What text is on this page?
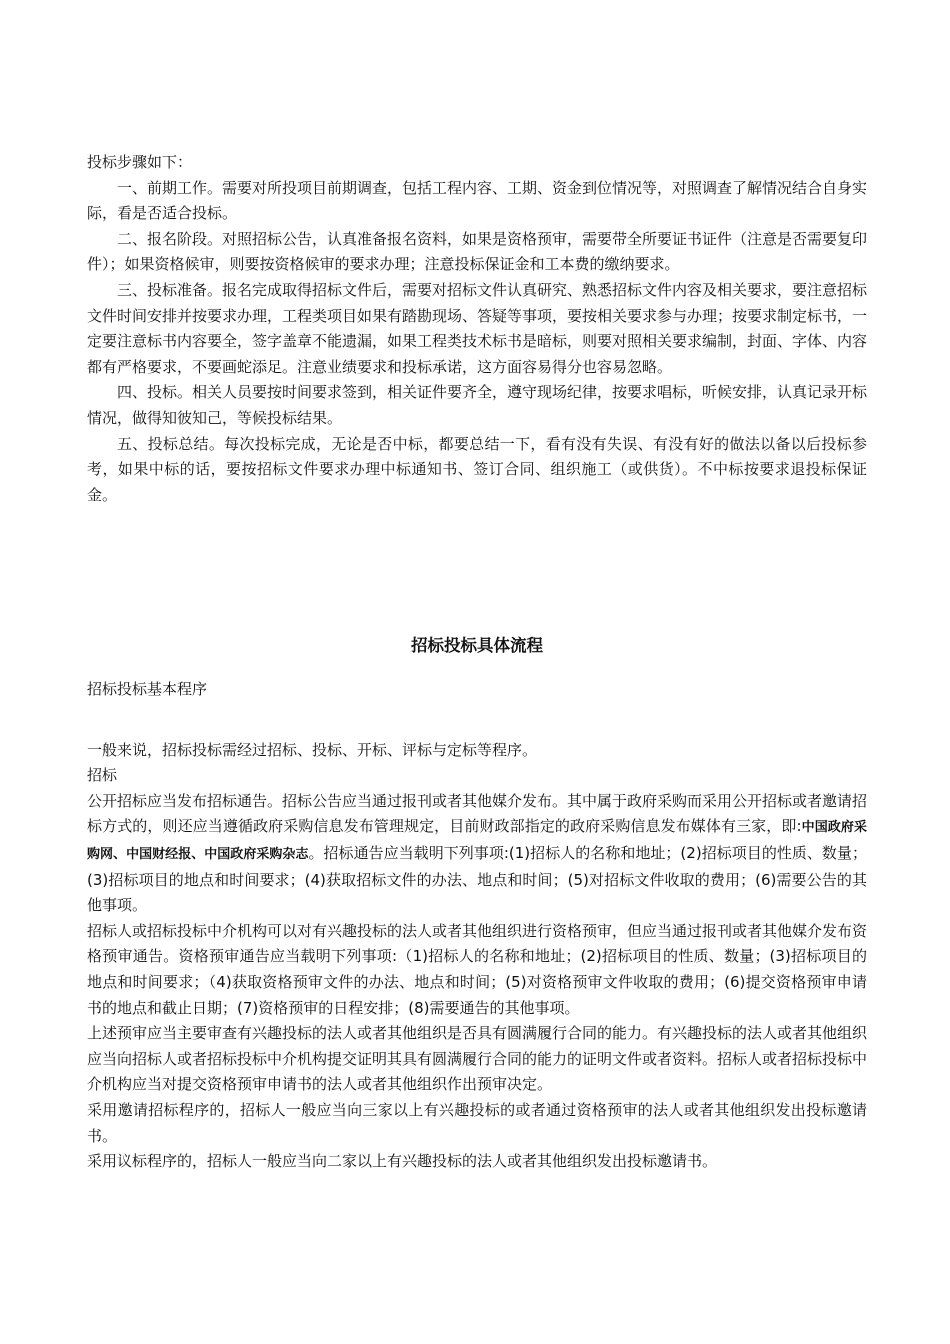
投标步骤如下：

一、前期工作。需要对所投项目前期调查，包括工程内容、工期、资金到位情况等，对照调查了解情况结合自身实际，看是否适合投标。

二、报名阶段。对照招标公告，认真准备报名资料，如果是资格预审，需要带全所要证书证件（注意是否需要复印件）；如果资格候审，则要按资格候审的要求办理；注意投标保证金和工本费的缴纳要求。

三、投标准备。报名完成取得招标文件后，需要对招标文件认真研究、熟悉招标文件内容及相关要求，要注意招标文件时间安排并按要求办理，工程类项目如果有踏勘现场、答疑等事项，要按相关要求参与办理；按要求制定标书，一定要注意标书内容要全，签字盖章不能遗漏，如果工程类技术标书是暗标，则要对照相关要求编制，封面、字体、内容都有严格要求，不要画蛇添足。注意业绩要求和投标承诺，这方面容易得分也容易忽略。

四、投标。相关人员要按时间要求签到，相关证件要齐全，遵守现场纪律，按要求唱标，听候安排，认真记录开标情况，做得知彼知己，等候投标结果。

五、投标总结。每次投标完成，无论是否中标，都要总结一下，看有没有失误、有没有好的做法以备以后投标参考，如果中标的话，要按招标文件要求办理中标通知书、签订合同、组织施工（或供货）。不中标按要求退投标保证金。

招标投标具体流程

招标投标基本程序

一般来说，招标投标需经过招标、投标、开标、评标与定标等程序。

招标

公开招标应当发布招标通告。招标公告应当通过报刊或者其他媒介发布。其中属于政府采购而采用公开招标或者邀请招标方式的，则还应当遵循政府采购信息发布管理规定，目前财政部指定的政府采购信息发布媒体有三家，即:中国政府采购网、中国财经报、中国政府采购杂志。招标通告应当载明下列事项:(1)招标人的名称和地址；(2)招标项目的性质、数量；(3)招标项目的地点和时间要求；(4)获取招标文件的办法、地点和时间；(5)对招标文件收取的费用；(6)需要公告的其他事项。

招标人或招标投标中介机构可以对有兴趣投标的法人或者其他组织进行资格预审，但应当通过报刊或者其他媒介发布资格预审通告。资格预审通告应当载明下列事项:（1)招标人的名称和地址；(2)招标项目的性质、数量；(3)招标项目的地点和时间要求；（4)获取资格预审文件的办法、地点和时间；(5)对资格预审文件收取的费用；(6)提交资格预审申请书的地点和截止日期；(7)资格预审的日程安排；(8)需要通告的其他事项。

上述预审应当主要审查有兴趣投标的法人或者其他组织是否具有圆满履行合同的能力。有兴趣投标的法人或者其他组织应当向招标人或者招标投标中介机构提交证明其具有圆满履行合同的能力的证明文件或者资料。招标人或者招标投标中介机构应当对提交资格预审申请书的法人或者其他组织作出预审决定。

采用邀请招标程序的，招标人一般应当向三家以上有兴趣投标的或者通过资格预审的法人或者其他组织发出投标邀请书。

采用议标程序的，招标人一般应当向二家以上有兴趣投标的法人或者其他组织发出投标邀请书。
